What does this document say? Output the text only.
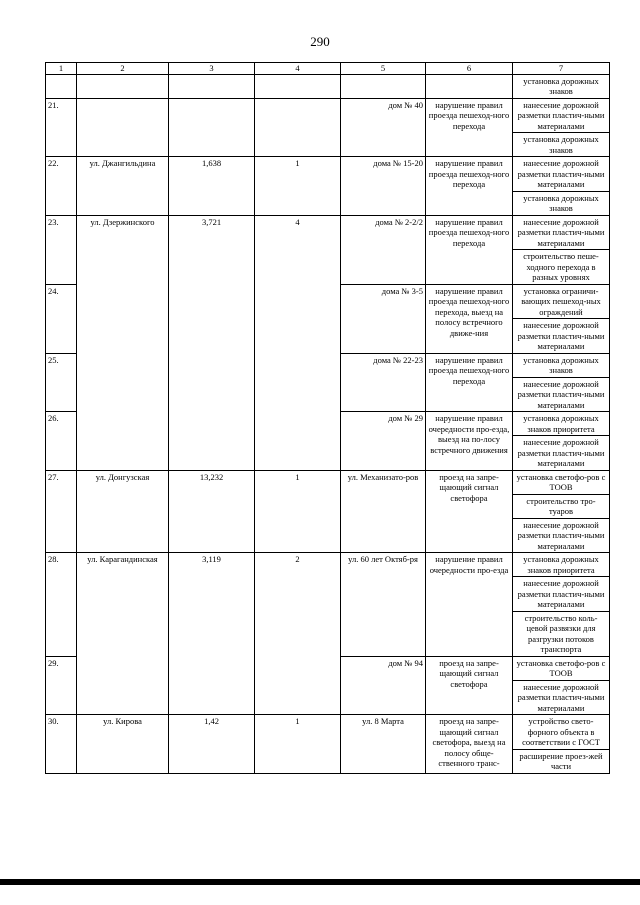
290
1	2	3	4	5	6	7
						установка дорожных знаков
21.				дом № 40	нарушение правил проезда пешеход-ного перехода	нанесение дорожной разметки пластич-ными материалами
						установка дорожных знаков
22.	ул. Джангильдина	1,638	1	дома № 15-20	нарушение правил проезда пешеход-ного перехода	нанесение дорожной разметки пластич-ными материалами
						установка дорожных знаков
23.	ул. Дзержинского	3,721	4	дома № 2-2/2	нарушение правил проезда пешеход-ного перехода	нанесение дорожной разметки пластич-ными материалами
						строительство пеше-ходного перехода в разных уровнях
24.				дома № 3-5	нарушение правил проезда пешеход-ного перехода, выезд на полосу встречного движе-ния	установка ограничи-вающих пешеход-ных ограждений
						нанесение дорожной разметки пластич-ными материалами
25.				дома № 22-23	нарушение правил проезда пешеход-ного перехода	установка дорожных знаков
						нанесение дорожной разметки пластич-ными материалами
26.				дом № 29	нарушение правил очередности про-езда, выезд на по-лосу встречного движения	установка дорожных знаков приоритета
						нанесение дорожной разметки пластич-ными материалами
27.	ул. Донгузская	13,232	1	ул. Механизато-ров	проезд на запре-щающий сигнал светофора	установка светофо-ров с ТООВ
						строительство тро-туаров
						нанесение дорожной разметки пластич-ными материалами
28.	ул. Карагандинская	3,119	2	ул. 60 лет Октяб-ря	нарушение правил очередности про-езда	установка дорожных знаков приоритета
						нанесение дорожной разметки пластич-ными материалами
						строительство коль-цевой развязки для разгрузки потоков транспорта
29.				дом № 94	проезд на запре-щающий сигнал светофора	установка светофо-ров с ТООВ
						нанесение дорожной разметки пластич-ными материалами
30.	ул. Кирова	1,42	1	ул. 8 Марта	проезд на запре-щающий сигнал светофора, выезд на полосу обще-ственного транс-	устройство свето-форного объекта в соответствии с ГОСТ
						расширение проез-жей части
